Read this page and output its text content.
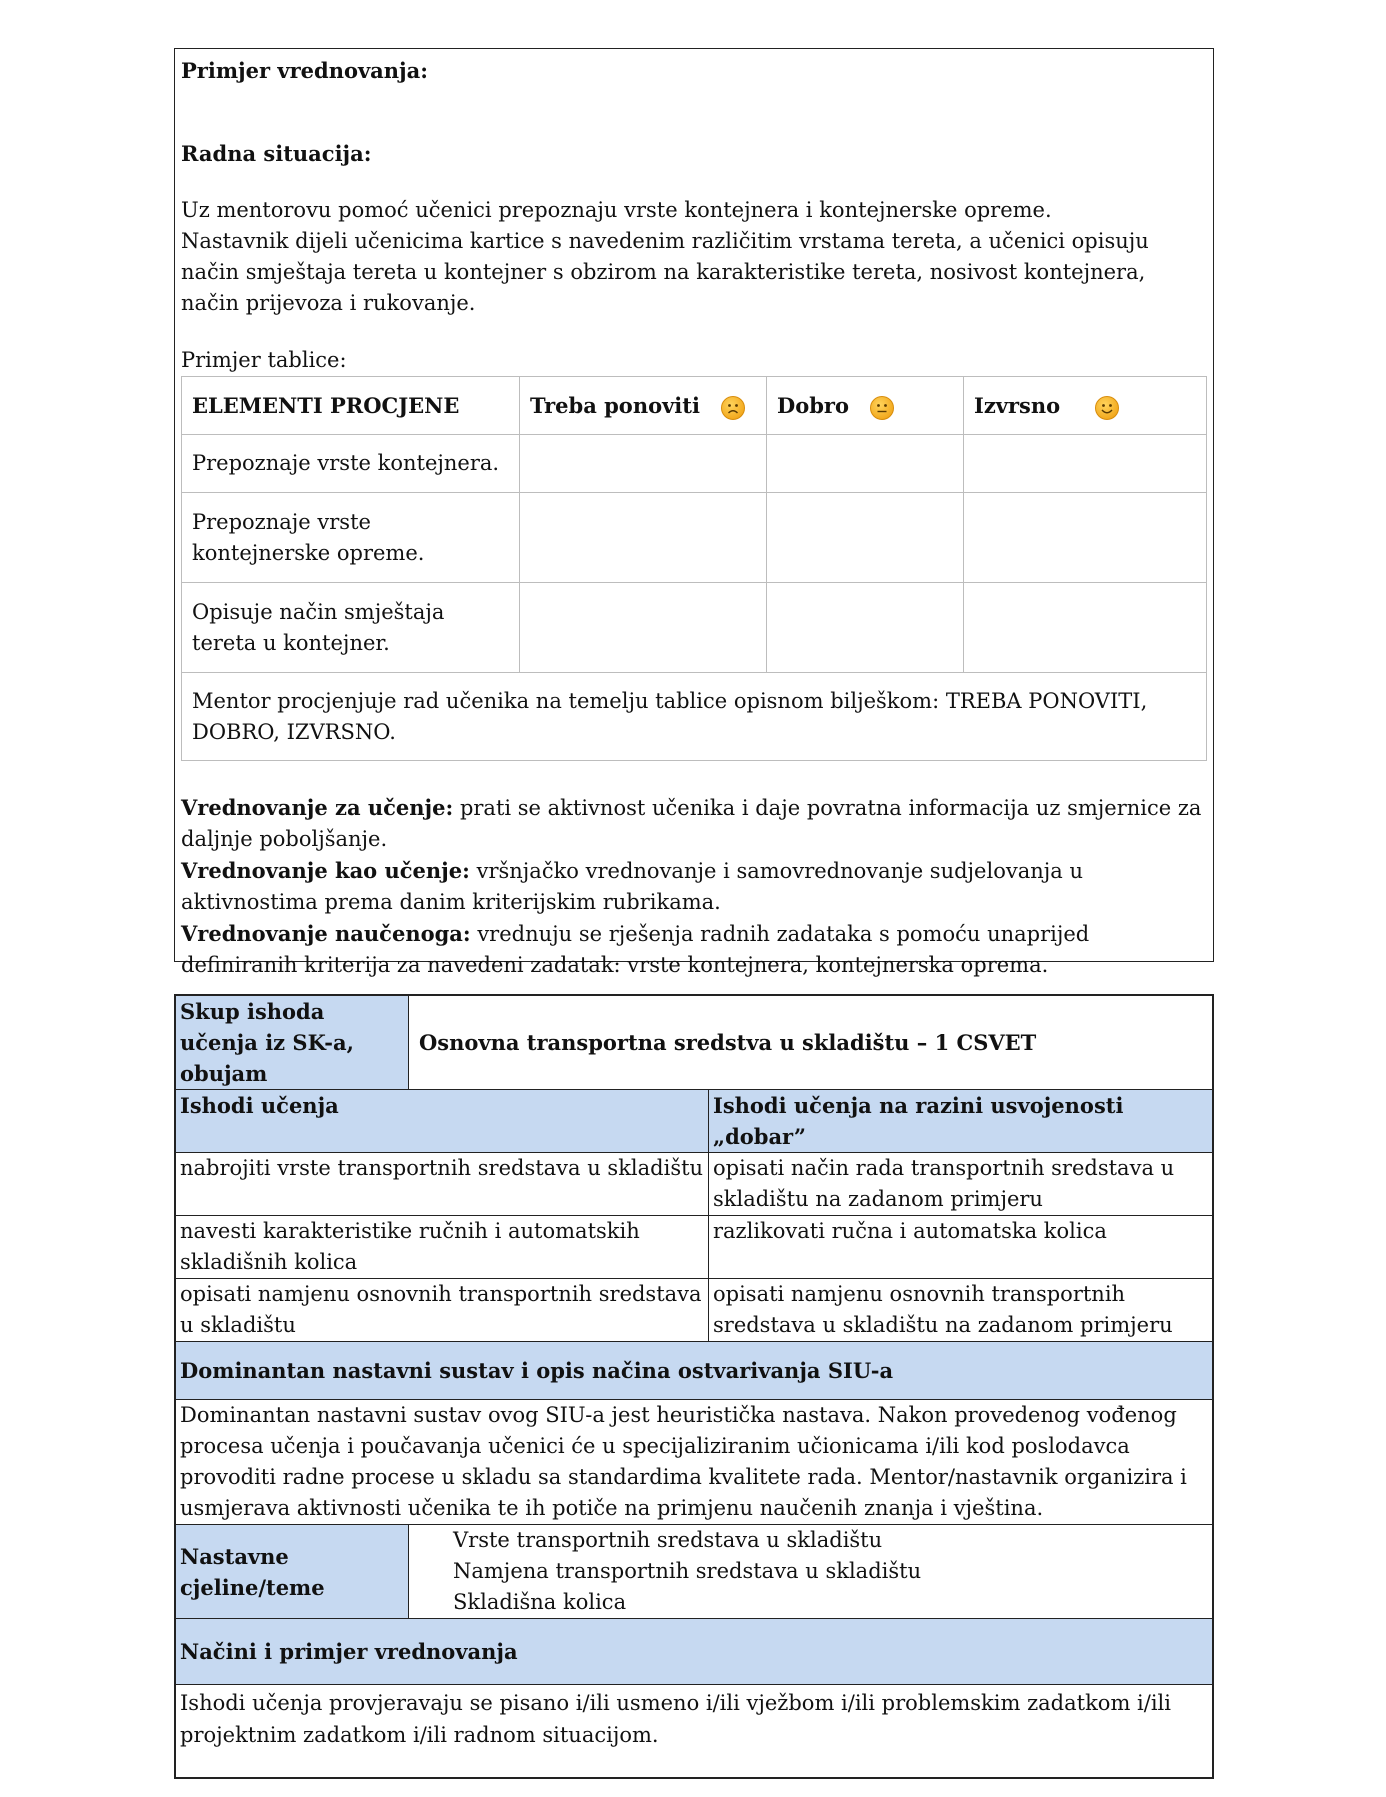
Primjer vrednovanja:

Radna situacija:

Uz mentorovu pomoć učenici prepoznaju vrste kontejnera i kontejnerske opreme.

Nastavnik dijeli učenicima kartice s navedenim različitim vrstama tereta, a učenici opisuju način smještaja tereta u kontejner s obzirom na karakteristike tereta, nosivost kontejnera, način prijevoza i rukovanje.

Primjer tablice:

ELEMENTI PROCJENE	Treba ponoviti	Dobro	Izvrsno

Prepoznaje vrste kontejnera.			
Prepoznaje vrste kontejnerske opreme.			
Opisuje način smještaja tereta u kontejner.			
Mentor procjenjuje rad učenika na temelju tablice opisnom bilješkom: TREBA PONOVITI, DOBRO, IZVRSNO.			

Vrednovanje za učenje: prati se aktivnost učenika i daje povratna informacija uz smjernice za daljnje poboljšanje.

Vrednovanje kao učenje: vršnjačko vrednovanje i samovrednovanje sudjelovanja u aktivnostima prema danim kriterijskim rubrikama.

Vrednovanje naučenoga: vrednuju se rješenja radnih zadataka s pomoću unaprijed definiranih kriterija za navedeni zadatak: vrste kontejnera, kontejnerska oprema.

Skup ishoda učenja iz SK-a, obujam	Osnovna transportna sredstva u skladištu – 1 CSVET	
Ishodi učenja		Ishodi učenja na razini usvojenosti „dobar”
nabrojiti vrste transportnih sredstava u skladištu		opisati način rada transportnih sredstava u skladištu na zadanom primjeru
navesti karakteristike ručnih i automatskih skladišnih kolica		razlikovati ručna i automatska kolica
opisati namjenu osnovnih transportnih sredstava u skladištu		opisati namjenu osnovnih transportnih sredstava u skladištu na zadanom primjeru
Dominantan nastavni sustav i opis načina ostvarivanja SIU-a		
Dominantan nastavni sustav ovog SIU-a jest heuristička nastava. Nakon provedenog vođenog procesa učenja i poučavanja učenici će u specijaliziranim učionicama i/ili kod poslodavca provoditi radne procese u skladu sa standardima kvalitete rada. Mentor/nastavnik organizira i usmjerava aktivnosti učenika te ih potiče na primjenu naučenih znanja i vještina.		
Nastavne cjeline/teme	Vrste transportnih sredstava u skladištu
Namjena transportnih sredstava u skladištu
Skladišna kolica	

Načini i primjer vrednovanja		
Ishodi učenja provjeravaju se pisano i/ili usmeno i/ili vježbom i/ili problemskim zadatkom i/ili projektnim zadatkom i/ili radnom situacijom.		
